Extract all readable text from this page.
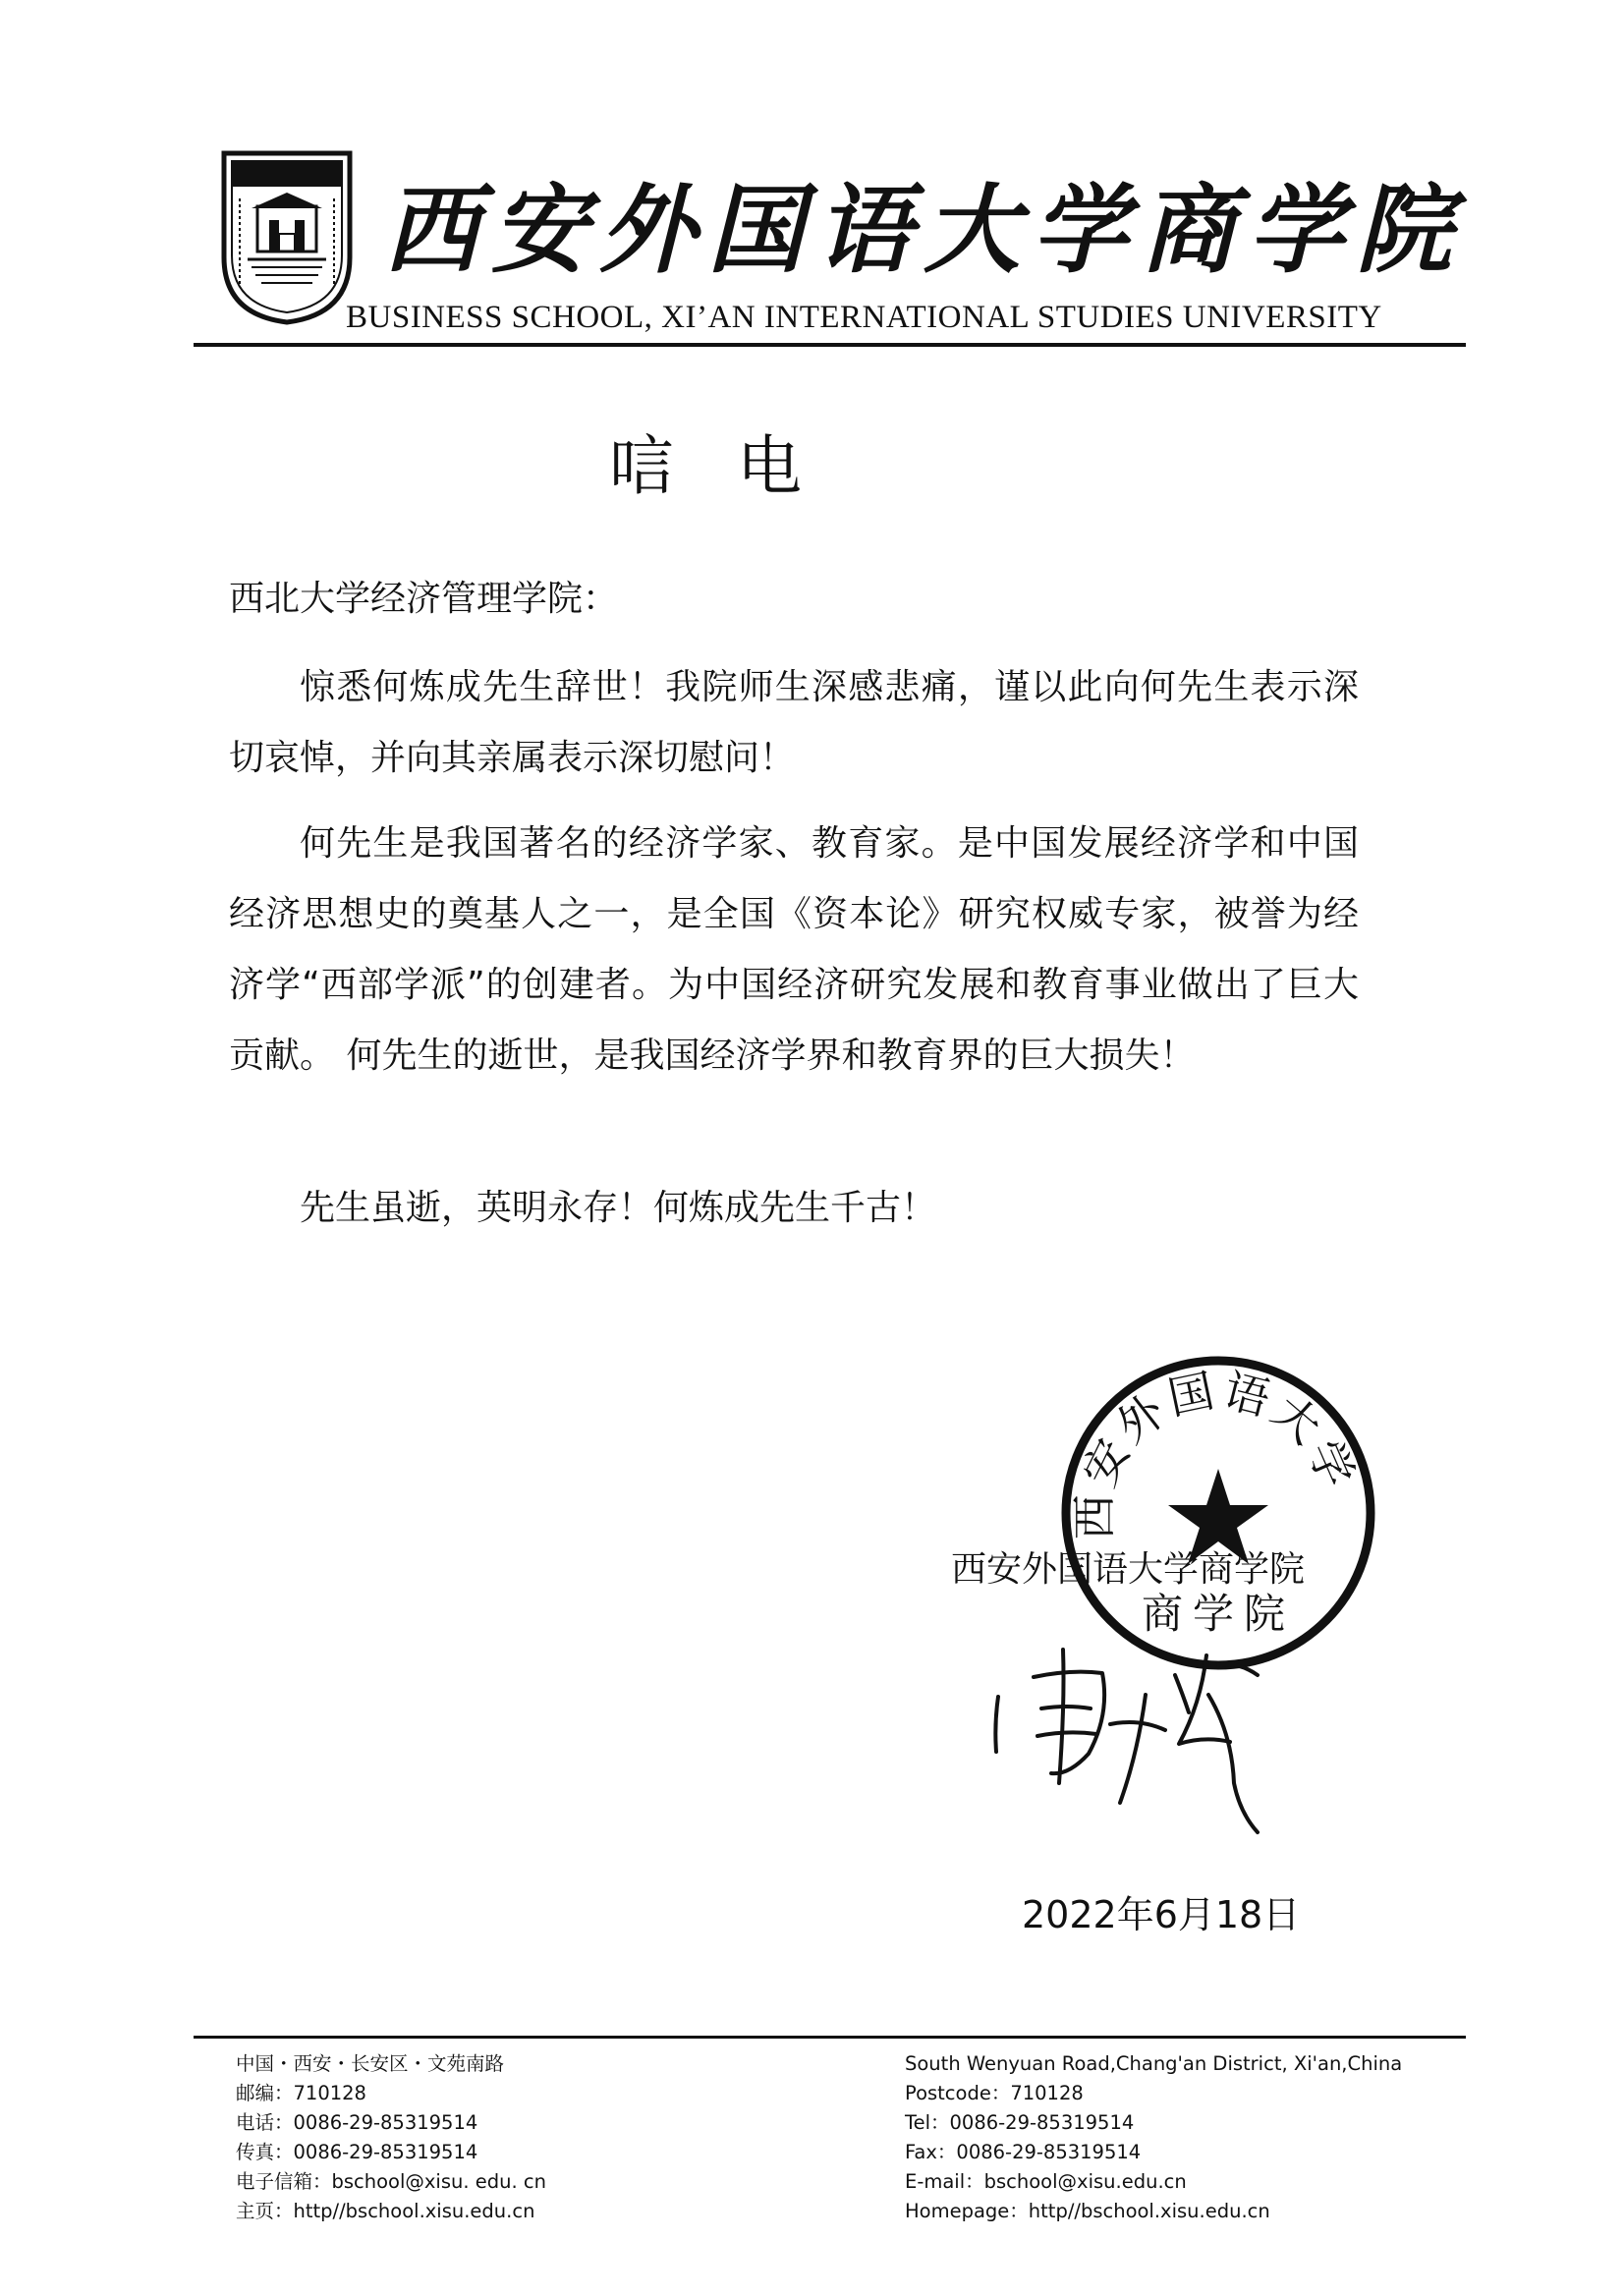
西安外国语大学商学院
BUSINESS SCHOOL, XI’AN INTERNATIONAL STUDIES UNIVERSITY
唁电
西北大学经济管理学院：
惊悉何炼成先生辞世！我院师生深感悲痛，谨以此向何先生表示深切哀悼，并向其亲属表示深切慰问！
何先生是我国著名的经济学家、教育家。是中国发展经济学和中国经济思想史的奠基人之一，是全国《资本论》研究权威专家，被誉为经济学“西部学派”的创建者。为中国经济研究发展和教育事业做出了巨大贡献。 何先生的逝世，是我国经济学界和教育界的巨大损失！
先生虽逝，英明永存！何炼成先生千古！
西安外国语大学商学院
西安外国语大学
商学院
2022年6月18日
中国・西安・长安区・文苑南路
邮编：710128
电话：0086-29-85319514
传真：0086-29-85319514
电子信箱：bschool@xisu. edu. cn
主页：http//bschool.xisu.edu.cn
South Wenyuan Road,Chang'an District, Xi'an,China
Postcode：710128
Tel：0086-29-85319514
Fax：0086-29-85319514
E-mail：bschool@xisu.edu.cn
Homepage：http//bschool.xisu.edu.cn
